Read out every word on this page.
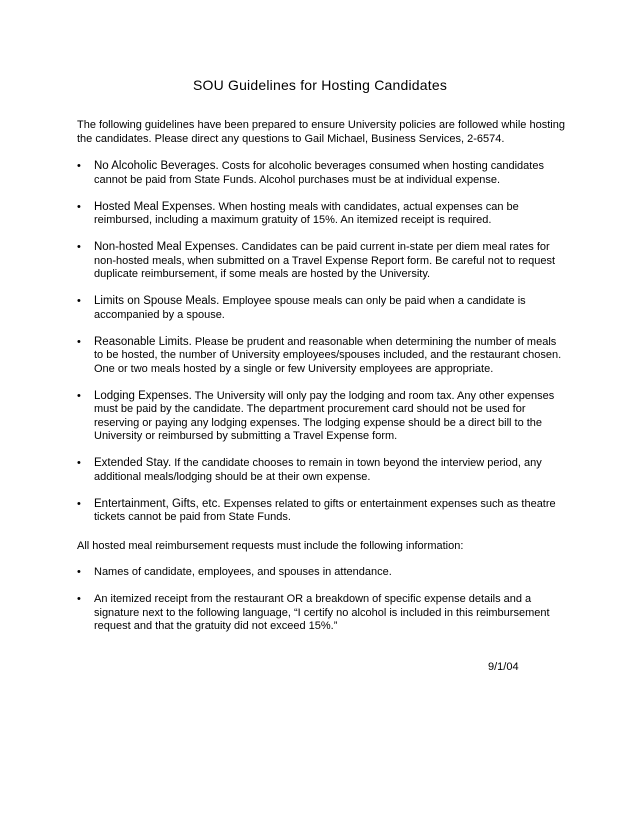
SOU Guidelines for Hosting Candidates
The following guidelines have been prepared to ensure University policies are followed while hosting the candidates. Please direct any questions to Gail Michael, Business Services, 2-6574.
• No Alcoholic Beverages. Costs for alcoholic beverages consumed when hosting candidates cannot be paid from State Funds. Alcohol purchases must be at individual expense.
• Hosted Meal Expenses. When hosting meals with candidates, actual expenses can be reimbursed, including a maximum gratuity of 15%. An itemized receipt is required.
• Non-hosted Meal Expenses. Candidates can be paid current in-state per diem meal rates for non-hosted meals, when submitted on a Travel Expense Report form. Be careful not to request duplicate reimbursement, if some meals are hosted by the University.
• Limits on Spouse Meals. Employee spouse meals can only be paid when a candidate is accompanied by a spouse.
• Reasonable Limits. Please be prudent and reasonable when determining the number of meals to be hosted, the number of University employees/spouses included, and the restaurant chosen. One or two meals hosted by a single or few University employees are appropriate.
• Lodging Expenses. The University will only pay the lodging and room tax. Any other expenses must be paid by the candidate. The department procurement card should not be used for reserving or paying any lodging expenses. The lodging expense should be a direct bill to the University or reimbursed by submitting a Travel Expense form.
• Extended Stay. If the candidate chooses to remain in town beyond the interview period, any additional meals/lodging should be at their own expense.
• Entertainment, Gifts, etc. Expenses related to gifts or entertainment expenses such as theatre tickets cannot be paid from State Funds.
All hosted meal reimbursement requests must include the following information:
• Names of candidate, employees, and spouses in attendance.
• An itemized receipt from the restaurant OR a breakdown of specific expense details and a signature next to the following language, “I certify no alcohol is included in this reimbursement request and that the gratuity did not exceed 15%.”
9/1/04
